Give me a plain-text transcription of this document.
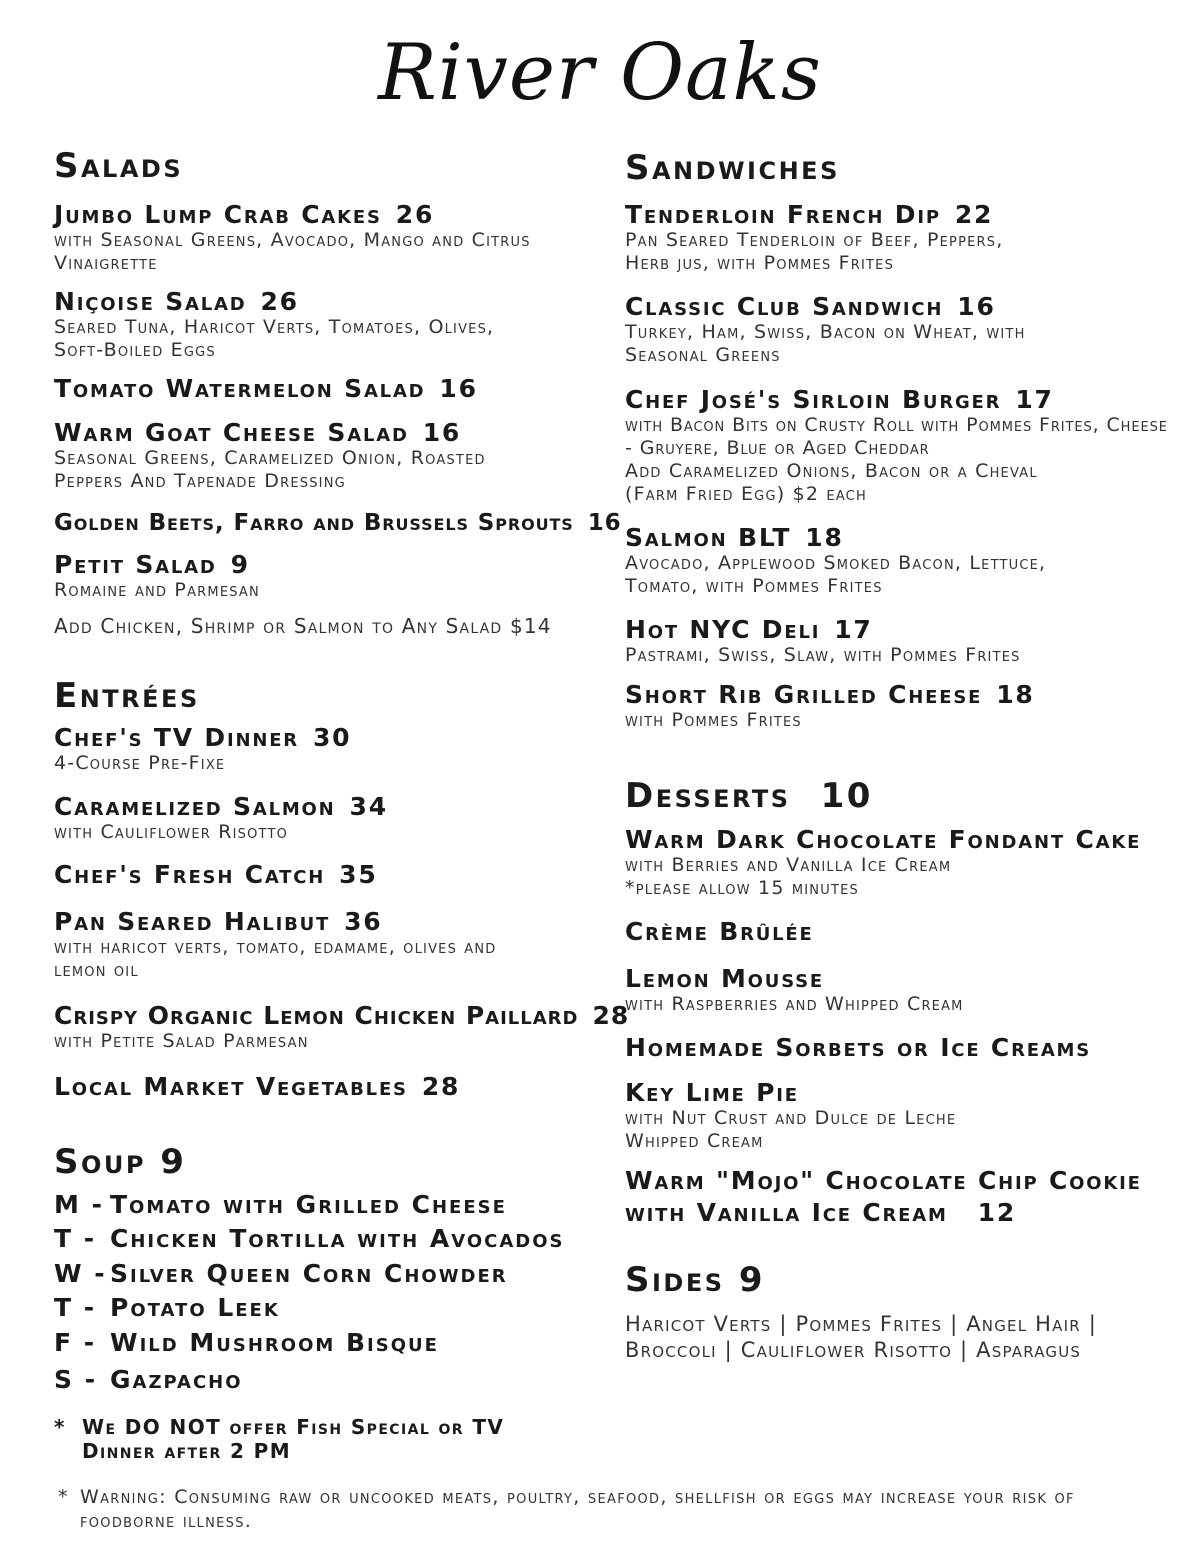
River Oaks
Salads
Jumbo Lump Crab Cakes 26
with Seasonal Greens, Avocado, Mango and Citrus Vinaigrette
Niçoise Salad 26
Seared Tuna, Haricot Verts, Tomatoes, Olives, Soft-Boiled Eggs
Tomato Watermelon Salad 16
Warm Goat Cheese Salad 16
Seasonal Greens, Caramelized Onion, Roasted Peppers And Tapenade Dressing
Golden Beets, Farro and Brussels Sprouts 16
Petit Salad 9
Romaine and Parmesan
Add Chicken, Shrimp or Salmon to Any Salad $14
Entrées
Chef's TV Dinner 30
4-Course Pre-Fixe
Caramelized Salmon 34
with Cauliflower Risotto
Chef's Fresh Catch 35
Pan Seared Halibut 36
with haricot verts, tomato, edamame, olives and lemon oil
Crispy Organic Lemon Chicken Paillard 28
with Petite Salad Parmesan
Local Market Vegetables 28
Soup 9
M - Tomato with Grilled Cheese
T - Chicken Tortilla with Avocados
W - Silver Queen Corn Chowder
T - Potato Leek
F - Wild Mushroom Bisque
S - Gazpacho
* We DO NOT offer Fish Special or TV Dinner after 2 PM
Sandwiches
Tenderloin French Dip 22
Pan Seared Tenderloin of Beef, Peppers, Herb jus, with Pommes Frites
Classic Club Sandwich 16
Turkey, Ham, Swiss, Bacon on Wheat, with Seasonal Greens
Chef José's Sirloin Burger 17
with Bacon Bits on Crusty Roll with Pommes Frites, Cheese - Gruyere, Blue or Aged Cheddar
Add Caramelized Onions, Bacon or a Cheval (Farm Fried Egg) $2 each
Salmon BLT 18
Avocado, Applewood Smoked Bacon, Lettuce, Tomato, with Pommes Frites
Hot NYC Deli 17
Pastrami, Swiss, Slaw, with Pommes Frites
Short Rib Grilled Cheese 18
with Pommes Frites
Desserts 10
Warm Dark Chocolate Fondant Cake
with Berries and Vanilla Ice Cream
*please allow 15 minutes
Crème Brûlée
Lemon Mousse
with Raspberries and Whipped Cream
Homemade Sorbets or Ice Creams
Key Lime Pie
with Nut Crust and Dulce de Leche Whipped Cream
Warm "Mojo" Chocolate Chip Cookie
with Vanilla Ice Cream 12
Sides 9
Haricot Verts | Pommes Frites | Angel Hair |
Broccoli | Cauliflower Risotto | Asparagus
* Warning: Consuming raw or uncooked meats, poultry, seafood, shellfish or eggs may increase your risk of foodborne illness.
